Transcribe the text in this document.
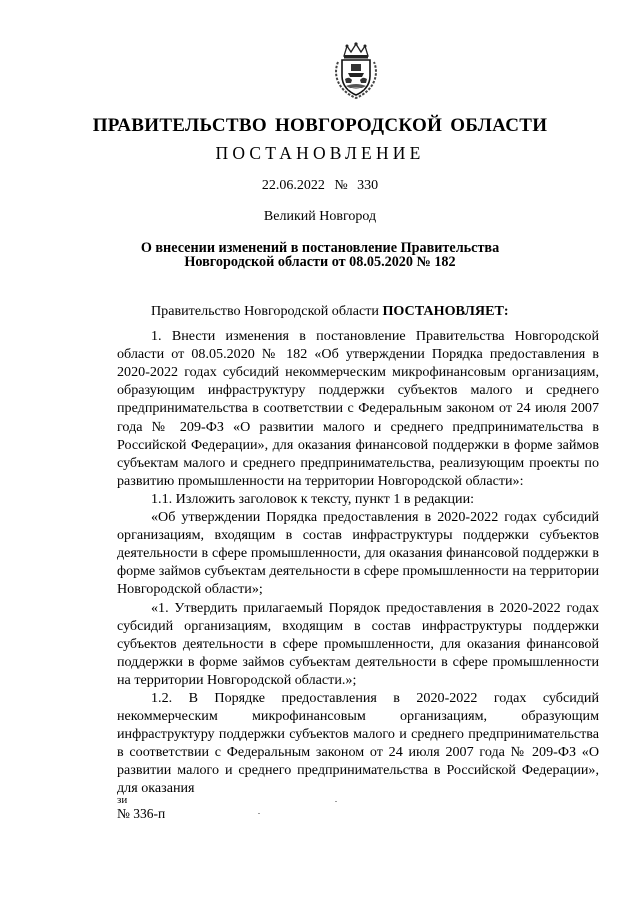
ПРАВИТЕЛЬСТВО НОВГОРОДСКОЙ ОБЛАСТИ
ПОСТАНОВЛЕНИЕ
22.06.2022 № 330
Великий Новгород
О внесении изменений в постановление Правительства
Новгородской области от 08.05.2020 № 182

Правительство Новгородской области ПОСТАНОВЛЯЕТ:

1. Внести изменения в постановление Правительства Новгородской области от 08.05.2020 № 182 «Об утверждении Порядка предоставления в 2020-2022 годах субсидий некоммерческим микрофинансовым организациям, образующим инфраструктуру поддержки субъектов малого и среднего предпринимательства в соответствии с Федеральным законом от 24 июля 2007 года № 209-ФЗ «О развитии малого и среднего предпринимательства в Российской Федерации», для оказания финансовой поддержки в форме займов субъектам малого и среднего предпринимательства, реализующим проекты по развитию промышленности на территории Новгородской области»:

1.1. Изложить заголовок к тексту, пункт 1 в редакции:

«Об утверждении Порядка предоставления в 2020-2022 годах субсидий организациям, входящим в состав инфраструктуры поддержки субъектов деятельности в сфере промышленности, для оказания финансовой поддержки в форме займов субъектам деятельности в сфере промышленности на территории Новгородской области»;

«1. Утвердить прилагаемый Порядок предоставления в 2020-2022 годах субсидий организациям, входящим в состав инфраструктуры поддержки субъектов деятельности в сфере промышленности, для оказания финансовой поддержки в форме займов субъектам деятельности в сфере промышленности на территории Новгородской области.»;

1.2. В Порядке предоставления в 2020-2022 годах субсидий некоммерческим микрофинансовым организациям, образующим инфраструктуру поддержки субъектов малого и среднего предпринимательства в соответствии с Федеральным законом от 24 июля 2007 года № 209-ФЗ «О развитии малого и среднего предпринимательства в Российской Федерации», для оказания

зи
№ 336-п
